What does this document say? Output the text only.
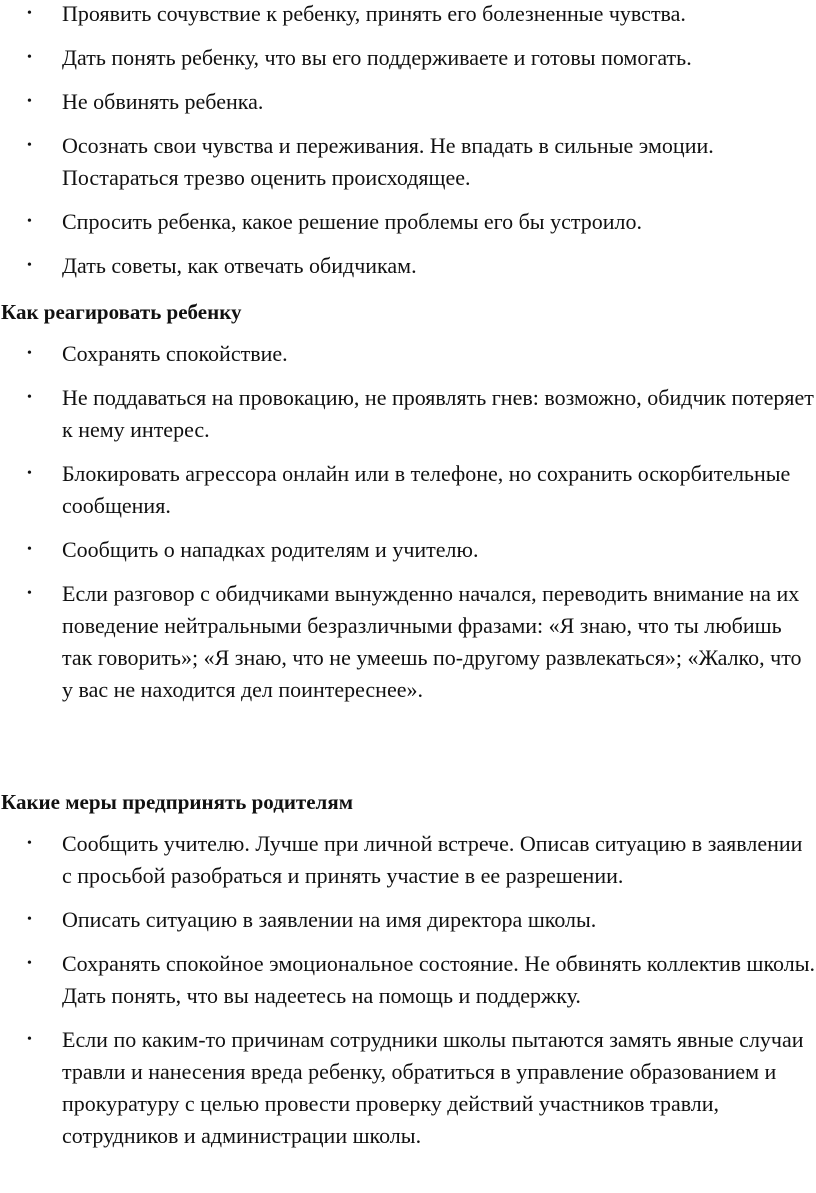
• Проявить сочувствие к ребенку, принять его болезненные чувства.
• Дать понять ребенку, что вы его поддерживаете и готовы помогать.
• Не обвинять ребенка.
• Осознать свои чувства и переживания. Не впадать в сильные эмоции. Постараться трезво оценить происходящее.
• Спросить ребенка, какое решение проблемы его бы устроило.
• Дать советы, как отвечать обидчикам.
Как реагировать ребенку
• Сохранять спокойствие.
• Не поддаваться на провокацию, не проявлять гнев: возможно, обидчик потеряет к нему интерес.
• Блокировать агрессора онлайн или в телефоне, но сохранить оскорбительные сообщения.
• Сообщить о нападках родителям и учителю.
• Если разговор с обидчиками вынужденно начался, переводить внимание на их поведение нейтральными безразличными фразами: «Я знаю, что ты любишь так говорить»; «Я знаю, что не умеешь по-другому развлекаться»; «Жалко, что у вас не находится дел поинтереснее».
Какие меры предпринять родителям
• Сообщить учителю. Лучше при личной встрече. Описав ситуацию в заявлении с просьбой разобраться и принять участие в ее разрешении.
• Описать ситуацию в заявлении на имя директора школы.
• Сохранять спокойное эмоциональное состояние. Не обвинять коллектив школы. Дать понять, что вы надеетесь на помощь и поддержку.
• Если по каким-то причинам сотрудники школы пытаются замять явные случаи травли и нанесения вреда ребенку, обратиться в управление образованием и прокуратуру с целью провести проверку действий участников травли, сотрудников и администрации школы.
